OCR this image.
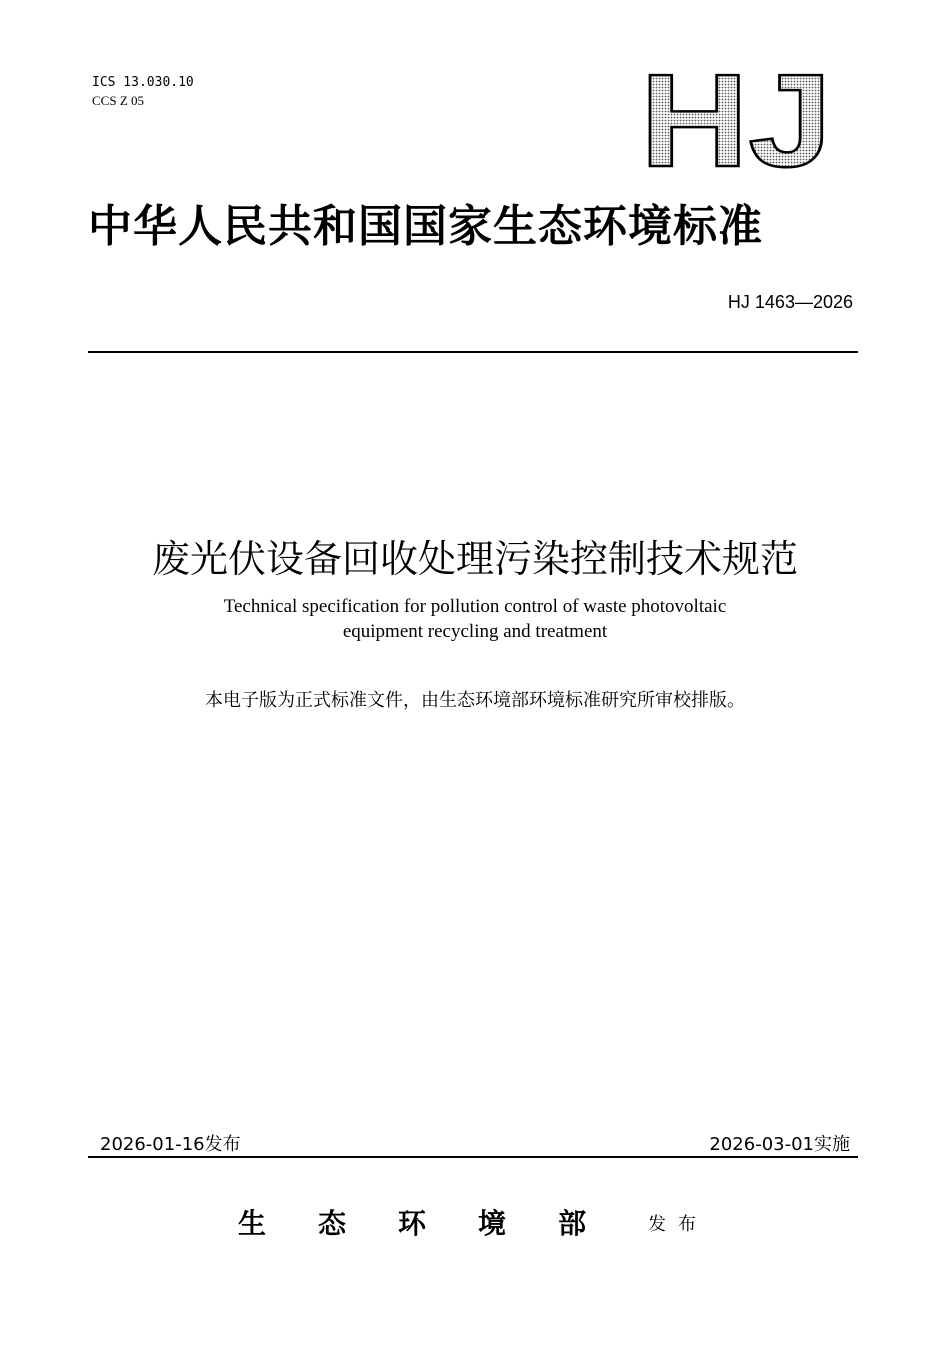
ICS 13.030.10
CCS Z 05	HJ
中华人民共和国国家生态环境标准
HJ 1463—2026
废光伏设备回收处理污染控制技术规范
Technical specification for pollution control of waste photovoltaic
equipment recycling and treatment
本电子版为正式标准文件，由生态环境部环境标准研究所审校排版。
2026-01-16发布	2026-03-01实施
生 态 环 境 部	发布
